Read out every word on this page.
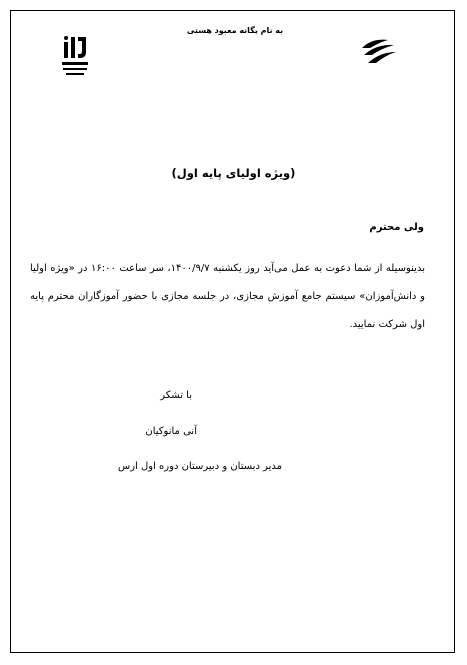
به نام یگانه معبود هستی
(ویژه اولیای پایه اول)
ولی محترم
بدینوسیله از شما دعوت به عمل می‌آید روز یکشنبه ۱۴۰۰/۹/۷، سر ساعت ۱۶:۰۰ در «ویژه اولیا و دانش‌آموزان» سیستم جامع آموزش مجازی، در جلسه مجازی با حضور آموزگاران محترم پایه اول شرکت نمایید.
با تشکر
آنی مانوکیان
مدیر دبستان و دبیرستان دوره اول ارس
